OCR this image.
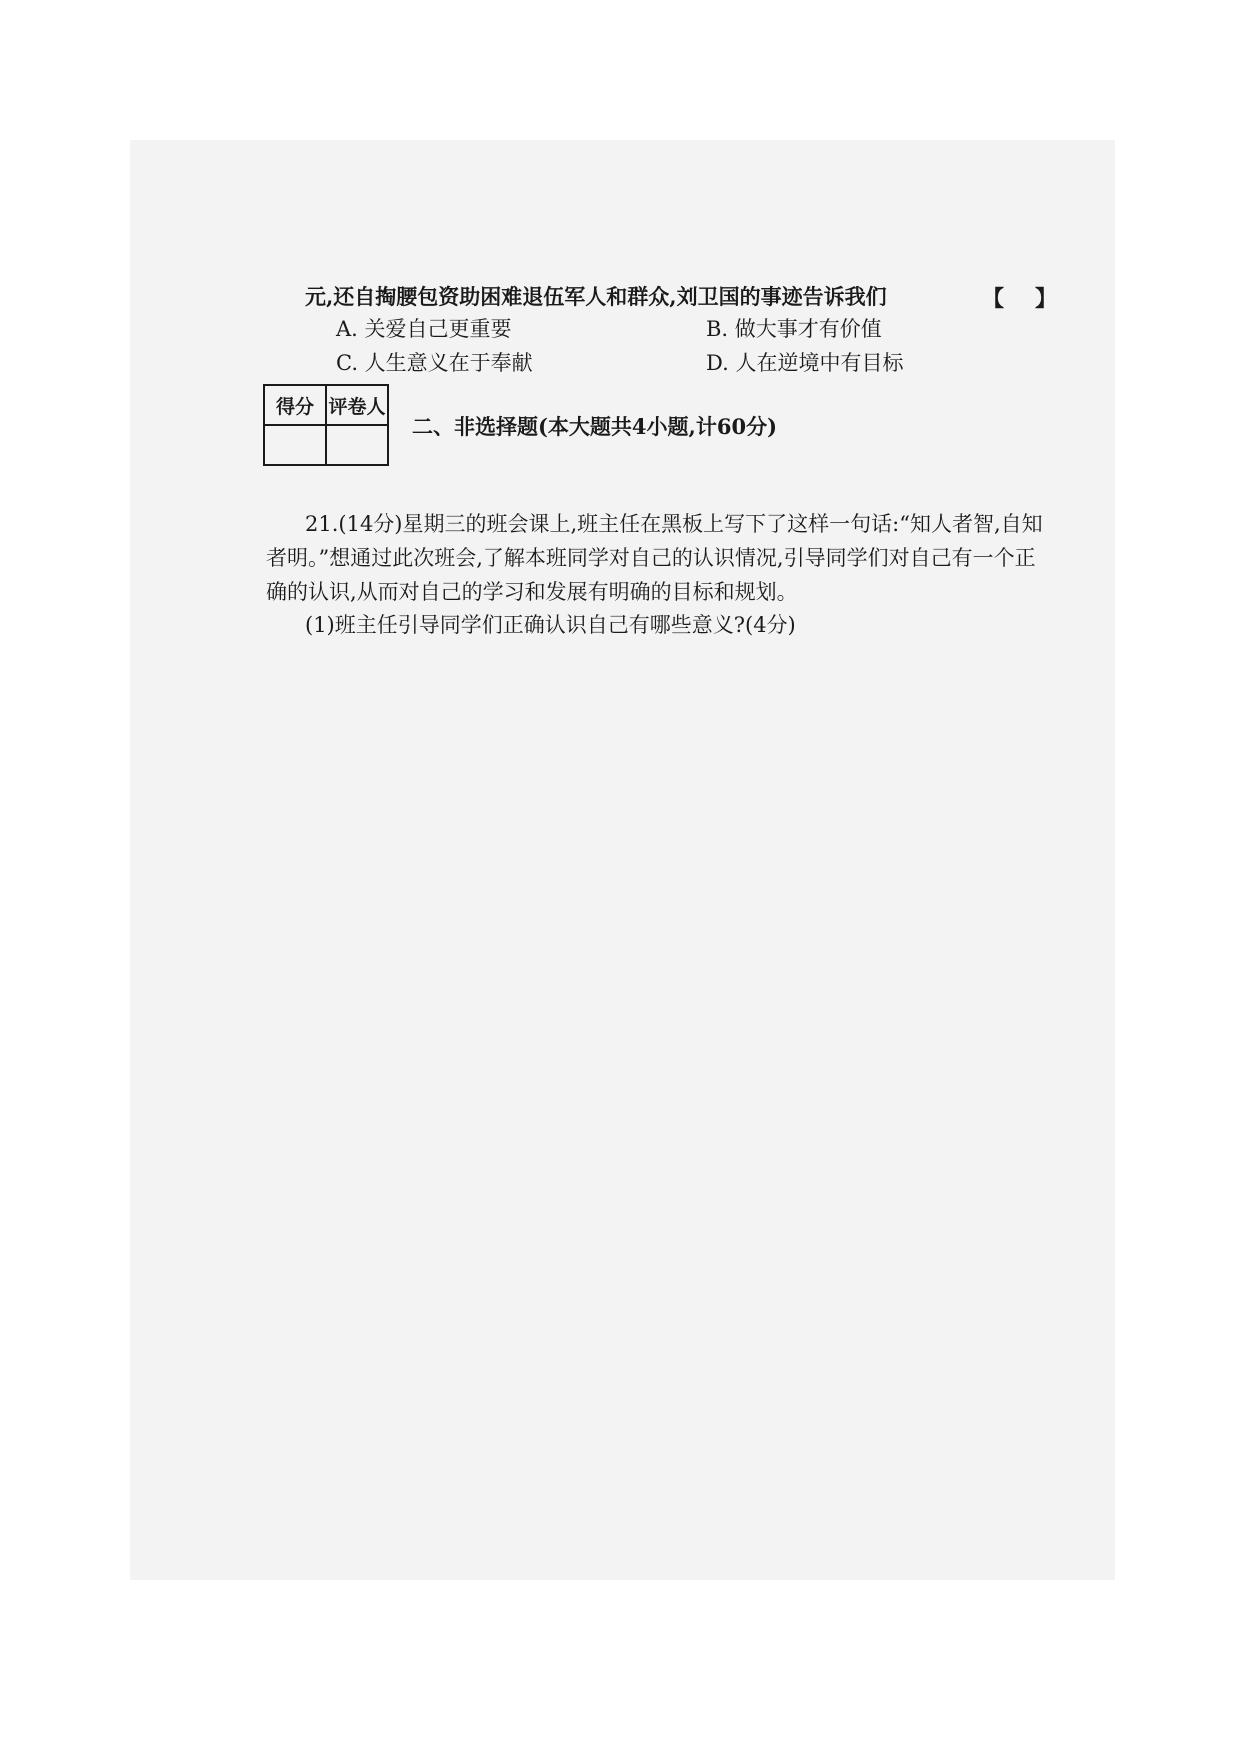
元,还自掏腰包资助困难退伍军人和群众,刘卫国的事迹告诉我们	【 】
A. 关爱自己更重要	B. 做大事才有价值
C. 人生意义在于奉献	D. 人在逆境中有目标
得分	评卷人

二、非选择题(本大题共4小题,计60分)
21.(14分)星期三的班会课上,班主任在黑板上写下了这样一句话:“知人者智,自知
者明。”想通过此次班会,了解本班同学对自己的认识情况,引导同学们对自己有一个正
确的认识,从而对自己的学习和发展有明确的目标和规划。
(1)班主任引导同学们正确认识自己有哪些意义?(4分)
